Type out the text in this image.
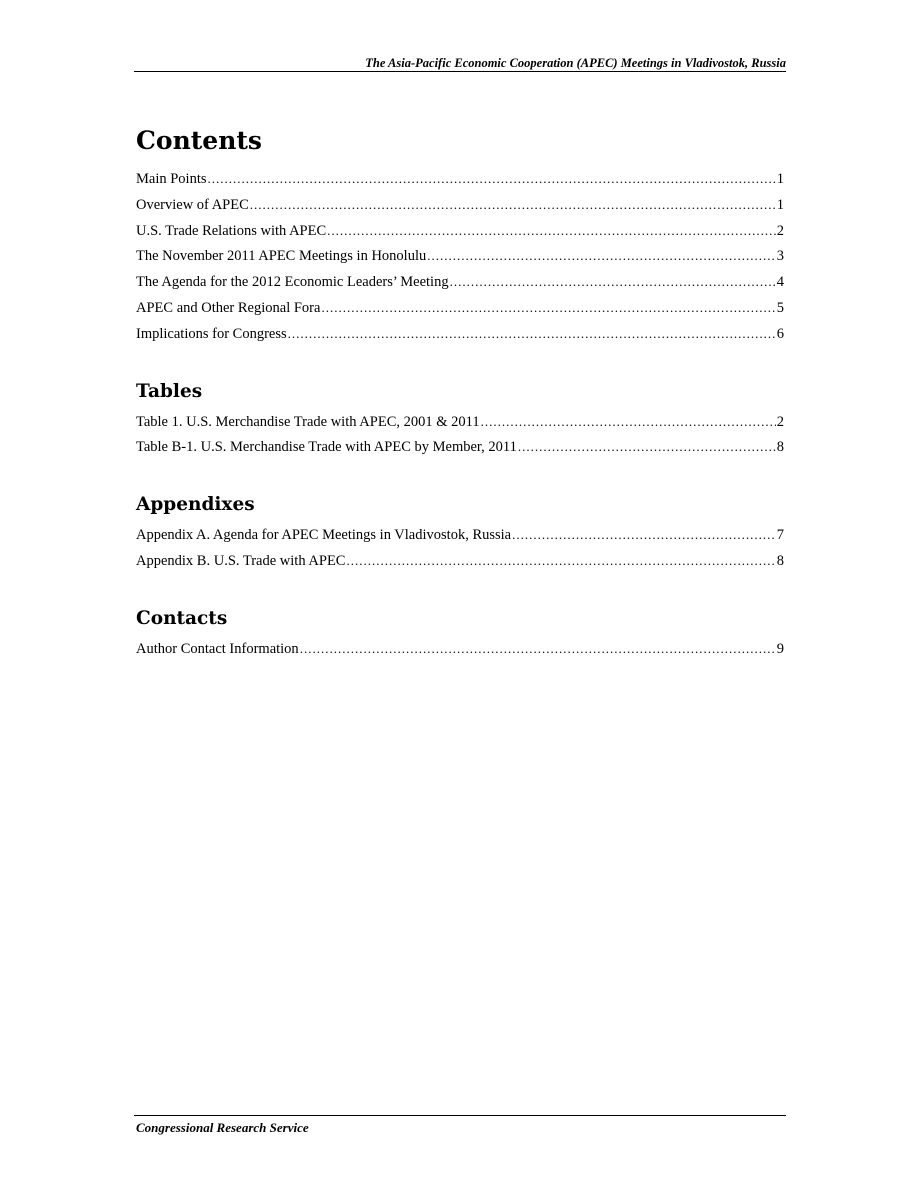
The Asia-Pacific Economic Cooperation (APEC) Meetings in Vladivostok, Russia
Contents
Main Points .....	1
Overview of APEC .....	1
U.S. Trade Relations with APEC .....	2
The November 2011 APEC Meetings in Honolulu .....	3
The Agenda for the 2012 Economic Leaders’ Meeting .....	4
APEC and Other Regional Fora .....	5
Implications for Congress .....	6
Tables
Table 1. U.S. Merchandise Trade with APEC, 2001 & 2011 .....	2
Table B-1. U.S. Merchandise Trade with APEC by Member, 2011 .....	8
Appendixes
Appendix A. Agenda for APEC Meetings in Vladivostok, Russia .....	7
Appendix B. U.S. Trade with APEC .....	8
Contacts
Author Contact Information .....	9
Congressional Research Service
